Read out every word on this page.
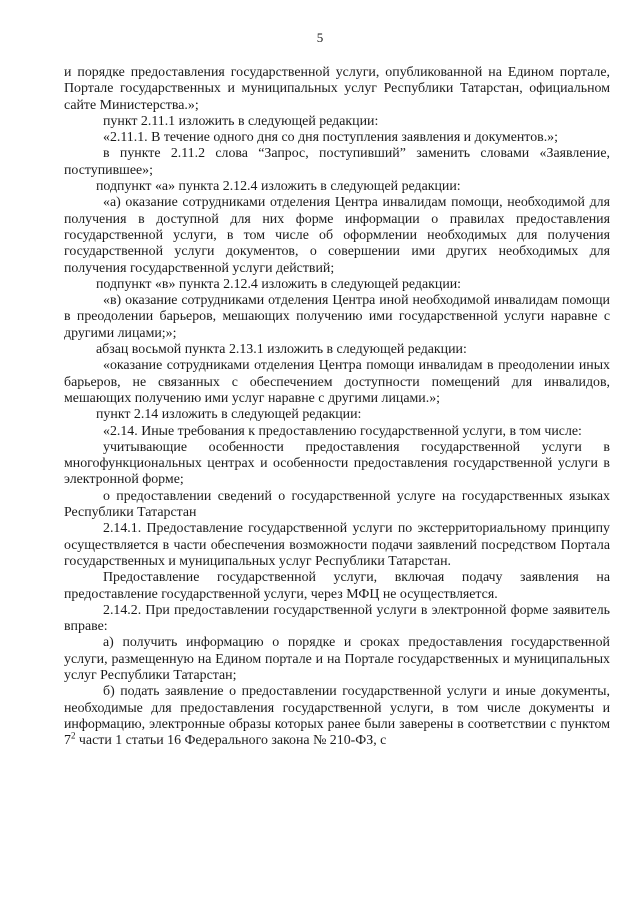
5

и порядке предоставления государственной услуги, опубликованной на Едином портале, Портале государственных и муниципальных услуг Республики Татарстан, официальном сайте Министерства.»;

пункт 2.11.1 изложить в следующей редакции:

«2.11.1. В течение одного дня со дня поступления заявления и документов.»;

в пункте 2.11.2 слова “Запрос, поступивший” заменить словами «Заявление, поступившее»;

подпункт «а» пункта 2.12.4 изложить в следующей редакции:

«а) оказание сотрудниками отделения Центра инвалидам помощи, необходимой для получения в доступной для них форме информации о правилах предоставления государственной услуги, в том числе об оформлении необходимых для получения государственной услуги документов, о совершении ими других необходимых для получения государственной услуги действий;

подпункт «в» пункта 2.12.4 изложить в следующей редакции:

«в) оказание сотрудниками отделения Центра иной необходимой инвалидам помощи в преодолении барьеров, мешающих получению ими государственной услуги наравне с другими лицами;»;

абзац восьмой пункта 2.13.1 изложить в следующей редакции:

«оказание сотрудниками отделения Центра помощи инвалидам в преодолении иных барьеров, не связанных с обеспечением доступности помещений для инвалидов, мешающих получению ими услуг наравне с другими лицами.»;

пункт 2.14 изложить в следующей редакции:

«2.14. Иные требования к предоставлению государственной услуги, в том числе:

учитывающие особенности предоставления государственной услуги в многофункциональных центрах и особенности предоставления государственной услуги в электронной форме;

о предоставлении сведений о государственной услуге на государственных языках Республики Татарстан

2.14.1. Предоставление государственной услуги по экстерриториальному принципу осуществляется в части обеспечения возможности подачи заявлений посредством Портала государственных и муниципальных услуг Республики Татарстан.

Предоставление государственной услуги, включая подачу заявления на предоставление государственной услуги, через МФЦ не осуществляется.

2.14.2. При предоставлении государственной услуги в электронной форме заявитель вправе:

а) получить информацию о порядке и сроках предоставления государственной услуги, размещенную на Едином портале и на Портале государственных и муниципальных услуг Республики Татарстан;

б) подать заявление о предоставлении государственной услуги и иные документы, необходимые для предоставления государственной услуги, в том числе документы и информацию, электронные образы которых ранее были заверены в соответствии с пунктом $7^2$ части 1 статьи 16 Федерального закона № 210-ФЗ, с
